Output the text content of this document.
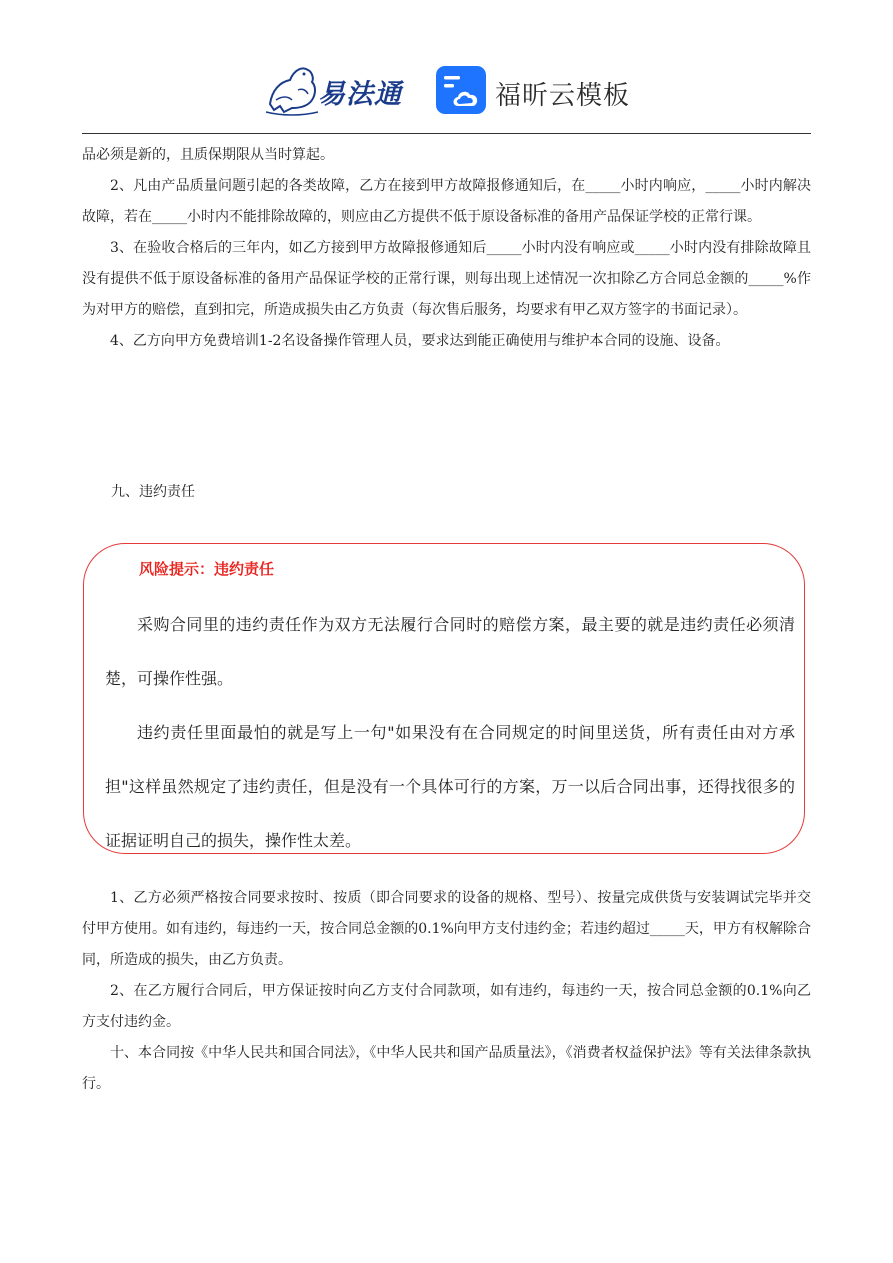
易法通	福昕云模板

品必须是新的，且质保期限从当时算起。

2、凡由产品质量问题引起的各类故障，乙方在接到甲方故障报修通知后，在_____小时内响应，_____小时内解决故障，若在_____小时内不能排除故障的，则应由乙方提供不低于原设备标准的备用产品保证学校的正常行课。

3、在验收合格后的三年内，如乙方接到甲方故障报修通知后_____小时内没有响应或_____小时内没有排除故障且没有提供不低于原设备标准的备用产品保证学校的正常行课，则每出现上述情况一次扣除乙方合同总金额的_____%作为对甲方的赔偿，直到扣完，所造成损失由乙方负责（每次售后服务，均要求有甲乙双方签字的书面记录）。

4、乙方向甲方免费培训1-2名设备操作管理人员，要求达到能正确使用与维护本合同的设施、设备。

九、违约责任
风险提示：违约责任

采购合同里的违约责任作为双方无法履行合同时的赔偿方案，最主要的就是违约责任必须清楚，可操作性强。

违约责任里面最怕的就是写上一句"如果没有在合同规定的时间里送货，所有责任由对方承担"这样虽然规定了违约责任，但是没有一个具体可行的方案，万一以后合同出事，还得找很多的证据证明自己的损失，操作性太差。

1、乙方必须严格按合同要求按时、按质（即合同要求的设备的规格、型号）、按量完成供货与安装调试完毕并交付甲方使用。如有违约，每违约一天，按合同总金额的0.1%向甲方支付违约金；若违约超过_____天，甲方有权解除合同，所造成的损失，由乙方负责。

2、在乙方履行合同后，甲方保证按时向乙方支付合同款项，如有违约，每违约一天，按合同总金额的0.1%向乙方支付违约金。

十、本合同按《中华人民共和国合同法》，《中华人民共和国产品质量法》，《消费者权益保护法》等有关法律条款执行。
